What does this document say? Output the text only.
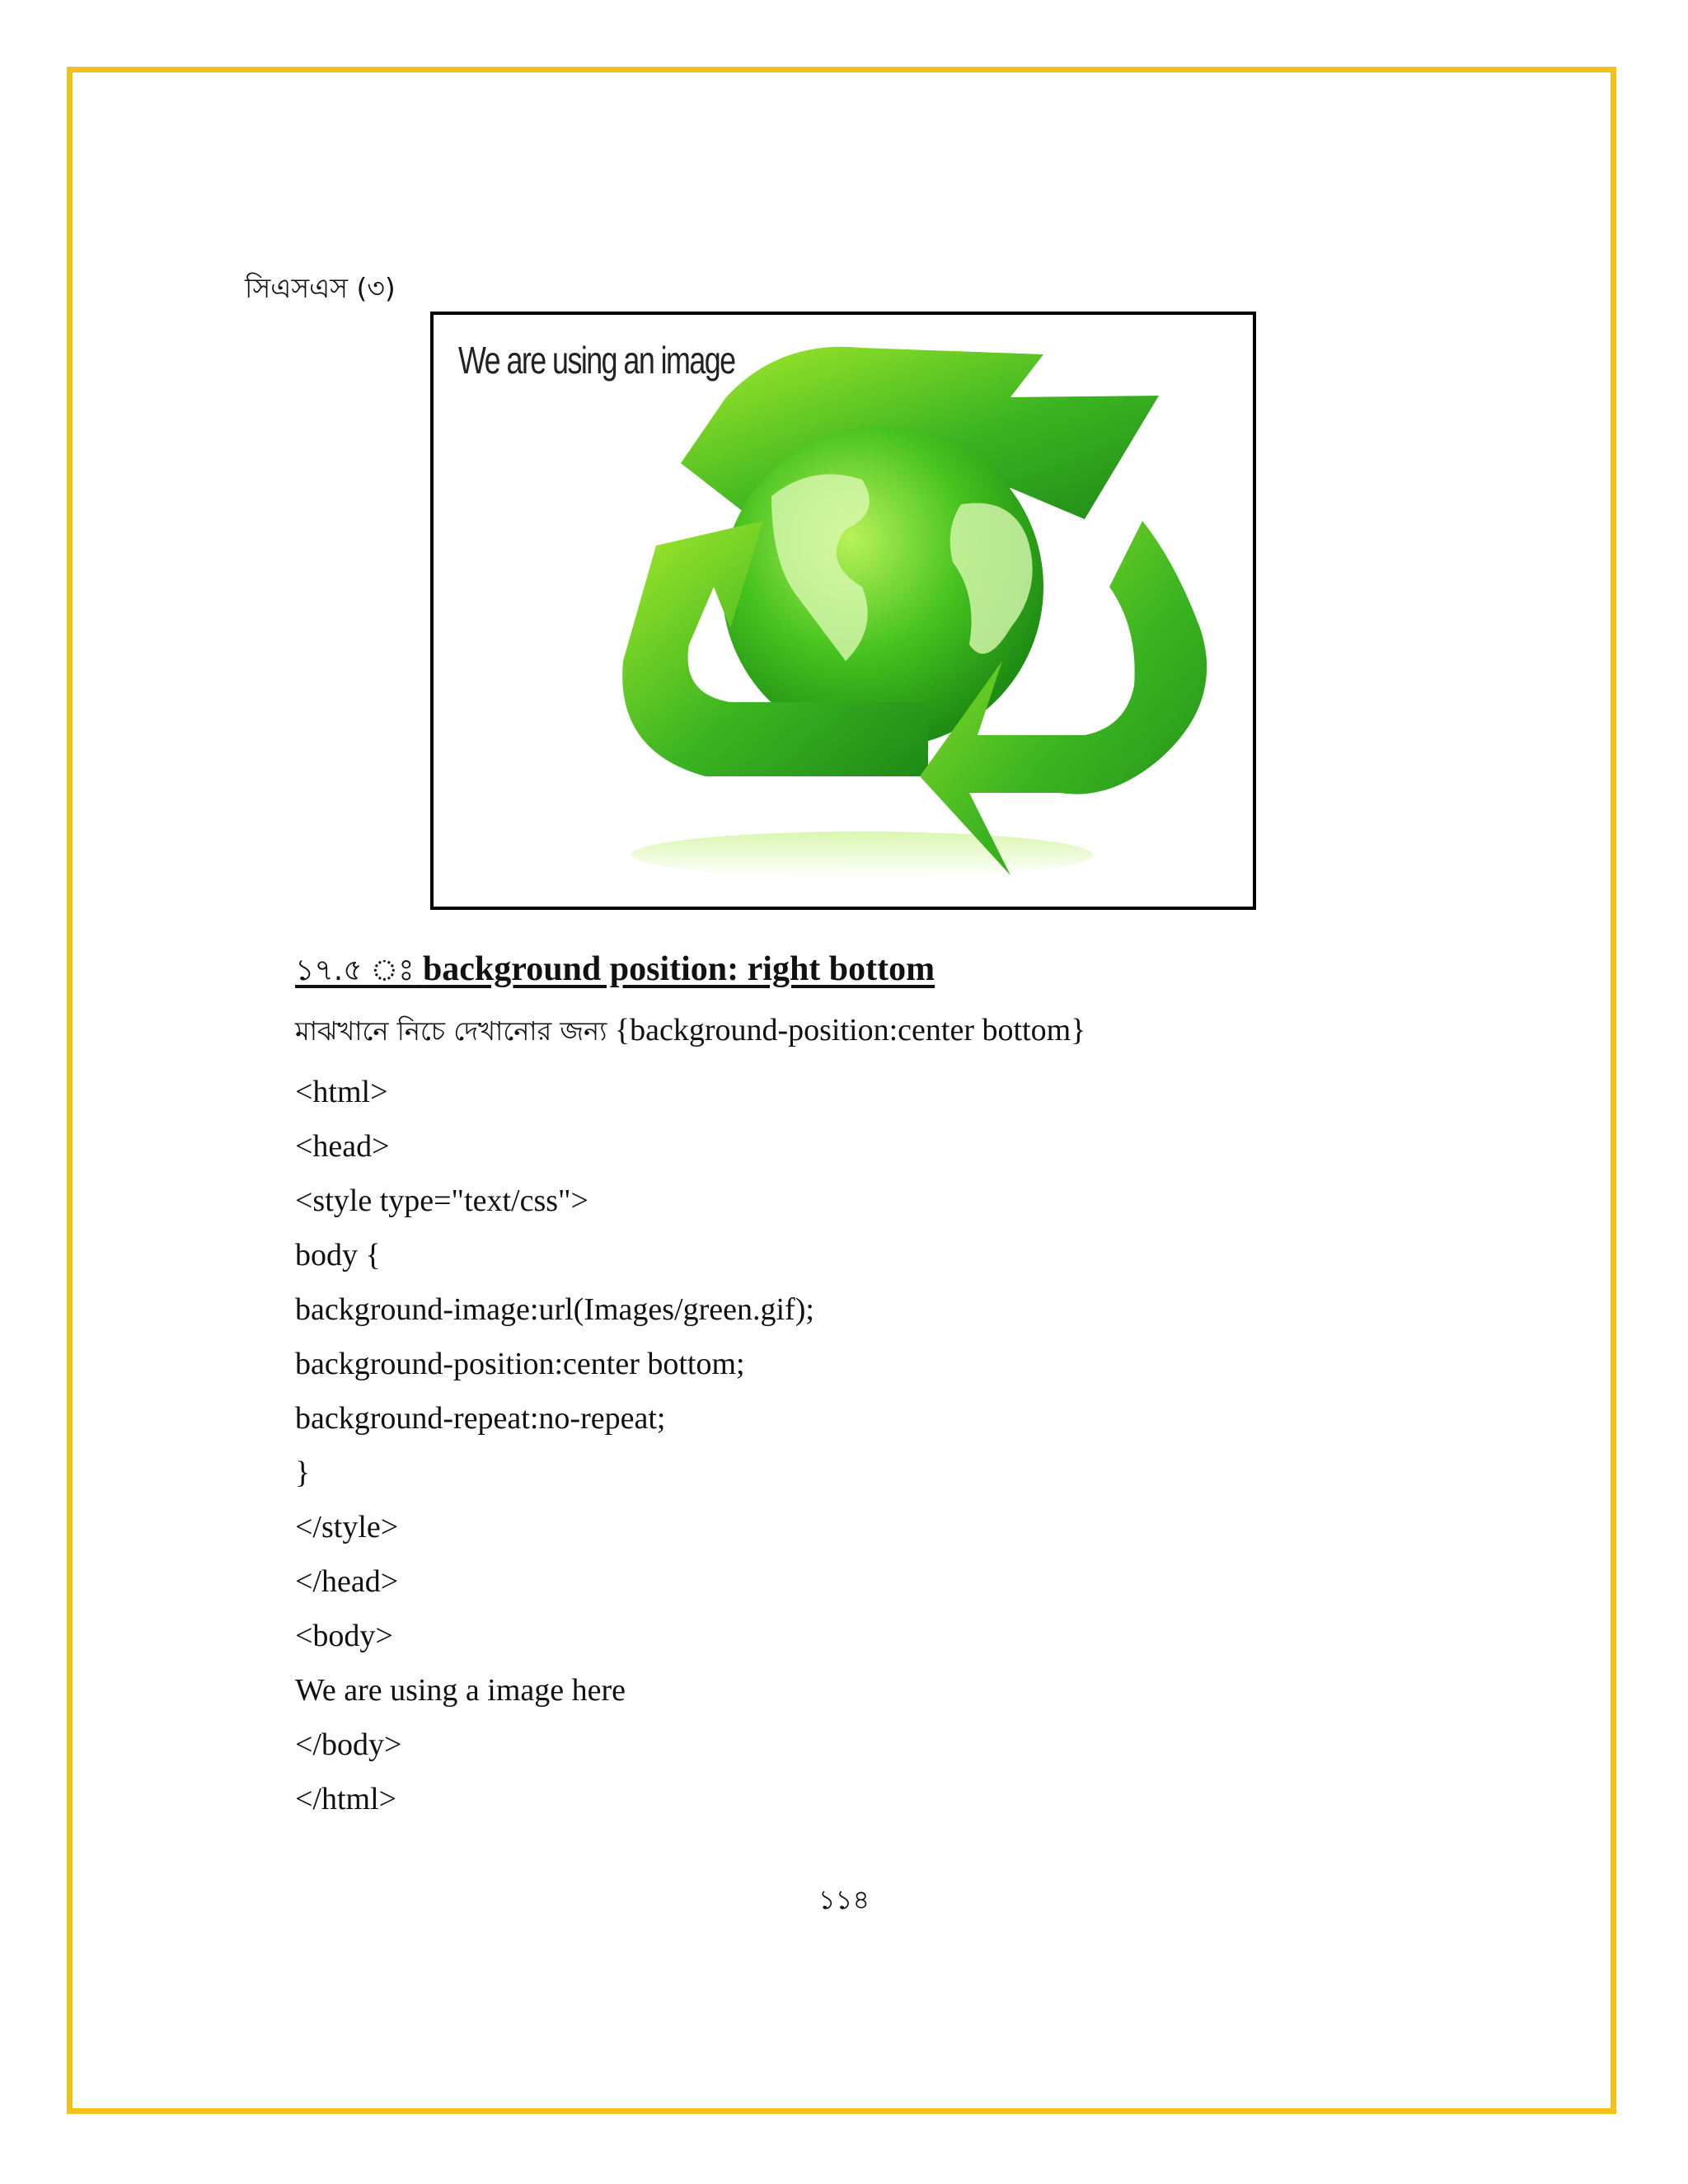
সিএসএস (৩)
We are using an image
১৭.৫ ঃ background position: right bottom
মাঝখানে নিচে দেখানোর জন্য {background-position:center bottom}
<html>
<head>
<style type="text/css">
body {
background-image:url(Images/green.gif);
background-position:center bottom;
background-repeat:no-repeat;
}
</style>
</head>
<body>
We are using a image here
</body>
</html>
১১৪
